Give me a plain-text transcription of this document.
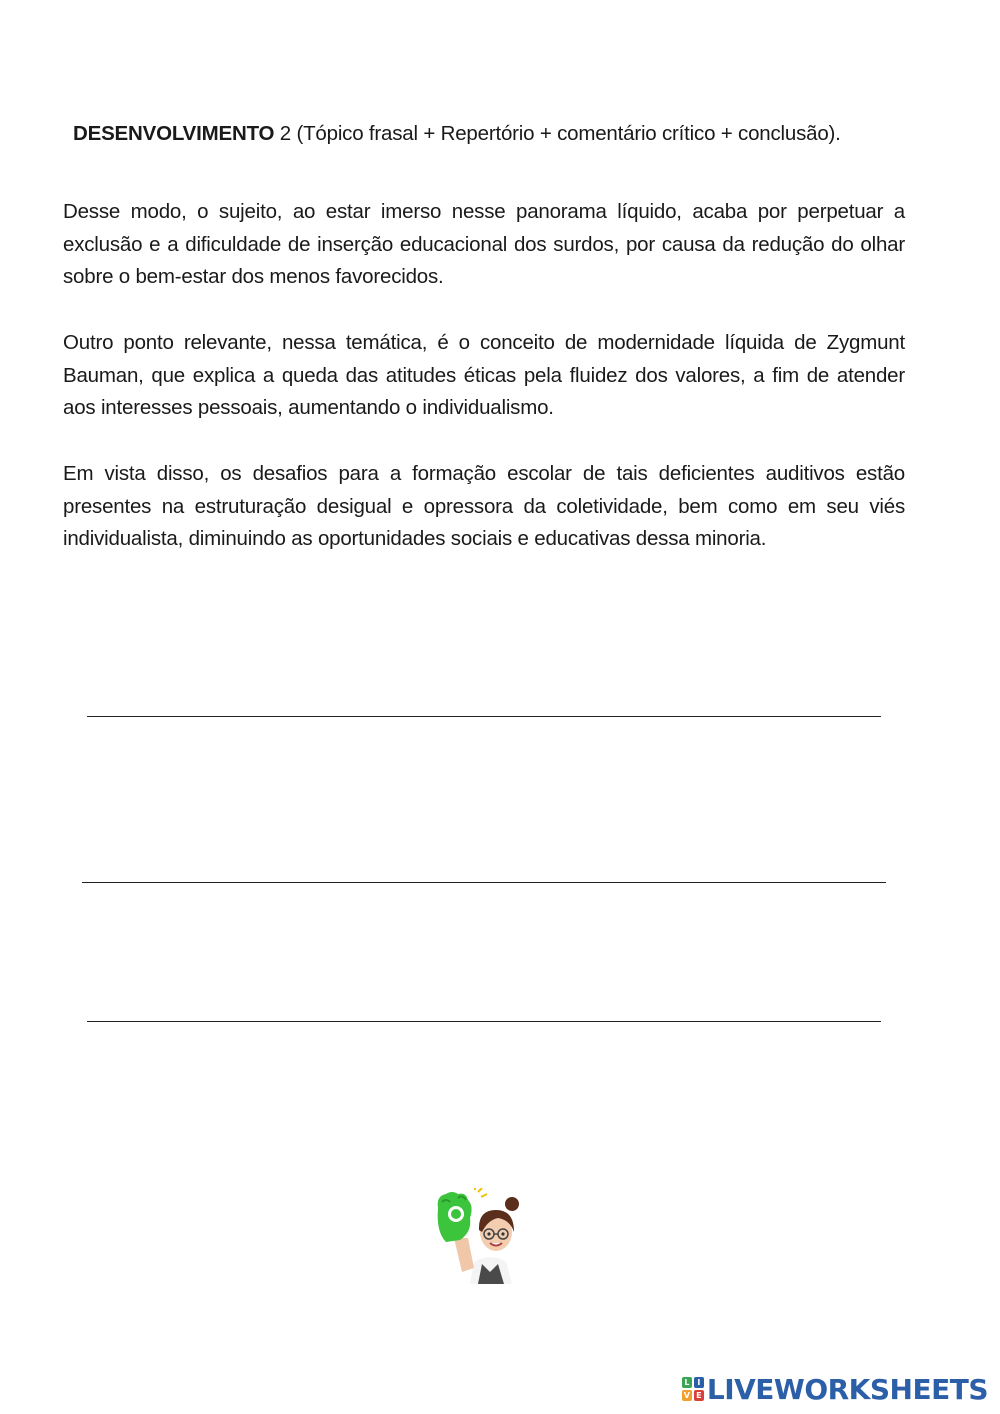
DESENVOLVIMENTO 2 (Tópico frasal + Repertório + comentário crítico + conclusão).

Desse modo, o sujeito, ao estar imerso nesse panorama líquido, acaba por perpetuar a exclusão e a dificuldade de inserção educacional dos surdos, por causa da redução do olhar sobre o bem-estar dos menos favorecidos.

Outro ponto relevante, nessa temática, é o conceito de modernidade líquida de Zygmunt Bauman, que explica a queda das atitudes éticas pela fluidez dos valores, a fim de atender aos interesses pessoais, aumentando o individualismo.

Em vista disso, os desafios para a formação escolar de tais deficientes auditivos estão presentes na estruturação desigual e opressora da coletividade, bem como em seu viés individualista, diminuindo as oportunidades sociais e educativas dessa minoria.

L I
V E LIVEWORKSHEETS
